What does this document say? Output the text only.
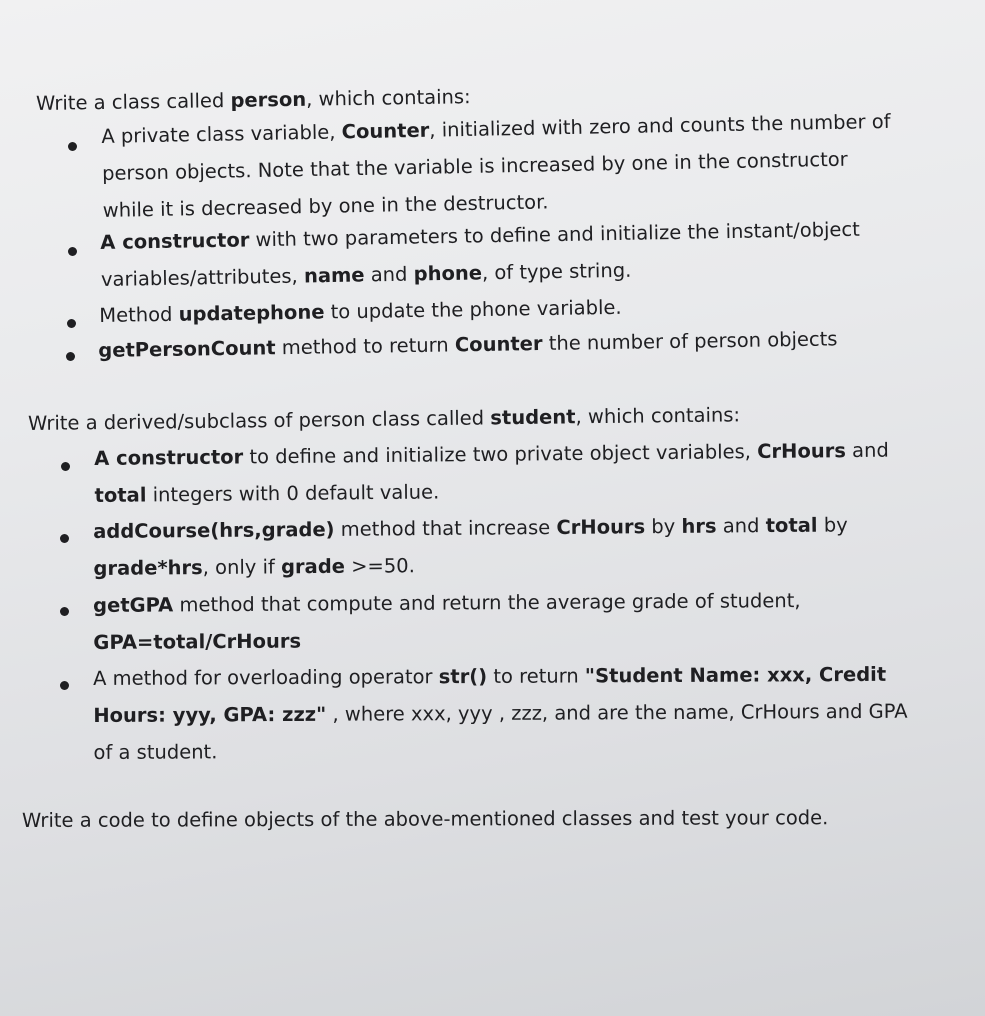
Write a class called person, which contains:

A private class variable, Counter, initialized with zero and counts the number of
person objects. Note that the variable is increased by one in the constructor
while it is decreased by one in the destructor.
A constructor with two parameters to define and initialize the instant/object
variables/attributes, name and phone, of type string.
Method updatephone to update the phone variable.
getPersonCount method to return Counter the number of person objects

Write a derived/subclass of person class called student, which contains:

A constructor to define and initialize two private object variables, CrHours and
total integers with 0 default value.
addCourse(hrs,grade) method that increase CrHours by hrs and total by
grade*hrs, only if grade >=50.
getGPA method that compute and return the average grade of student,
GPA=total/CrHours
A method for overloading operator str() to return "Student Name: xxx, Credit
Hours: yyy, GPA: zzz" , where xxx, yyy , zzz, and are the name, CrHours and GPA
of a student.

Write a code to define objects of the above-mentioned classes and test your code.
